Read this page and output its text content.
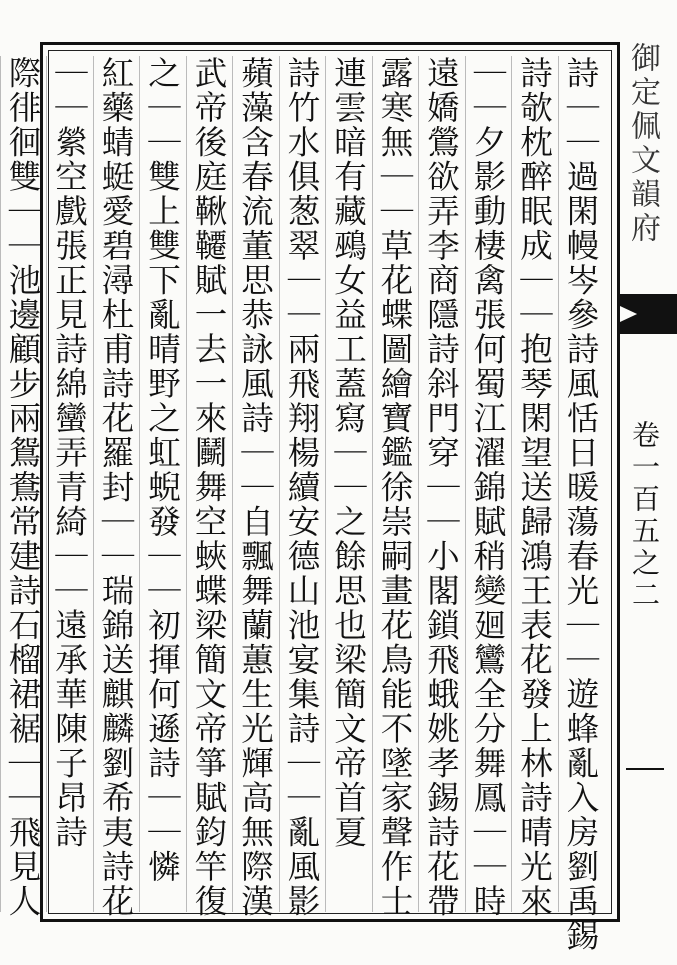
詩｜｜過閑幔岑參詩風恬日暖蕩春光｜｜遊蜂亂入房劉禹錫
詩欹枕醉眠成｜｜抱琴閑望送歸鴻王表花發上林詩晴光來
｜｜夕影動棲禽張何蜀江濯錦賦稍變廻鸞全分舞鳳｜｜時
遠嬌鶯欲弄李商隱詩斜門穿｜｜小閣鎖飛蛾姚孝錫詩花帶
露寒無｜｜草花蝶圖繪寶鑑徐崇嗣畫花鳥能不墜家聲作士
連雲暗有藏鵐女益工蓋寫｜｜之餘思也梁簡文帝首夏
詩竹水俱葱翠｜｜兩飛翔楊續安德山池宴集詩｜｜亂風影
蘋藻含春流董思恭詠風詩｜｜自飄舞蘭蕙生光輝高無際漢
武帝後庭鞦韆賦一去一來鬭舞空蛺蝶梁簡文帝箏賦鈞竿復
之｜｜雙上雙下亂晴野之虹蜺發｜｜初揮何遜詩｜｜憐
紅藥蜻蜓愛碧潯杜甫詩花羅封｜｜瑞錦送麒麟劉希夷詩花
｜｜縈空戲張正見詩綿蠻弄青綺｜｜遠承華陳子昂詩
際徘徊雙｜｜池邊顧步兩鴛鴦常建詩石榴裙裾｜｜飛見人	御定佩文韻府
卷一百五之二
